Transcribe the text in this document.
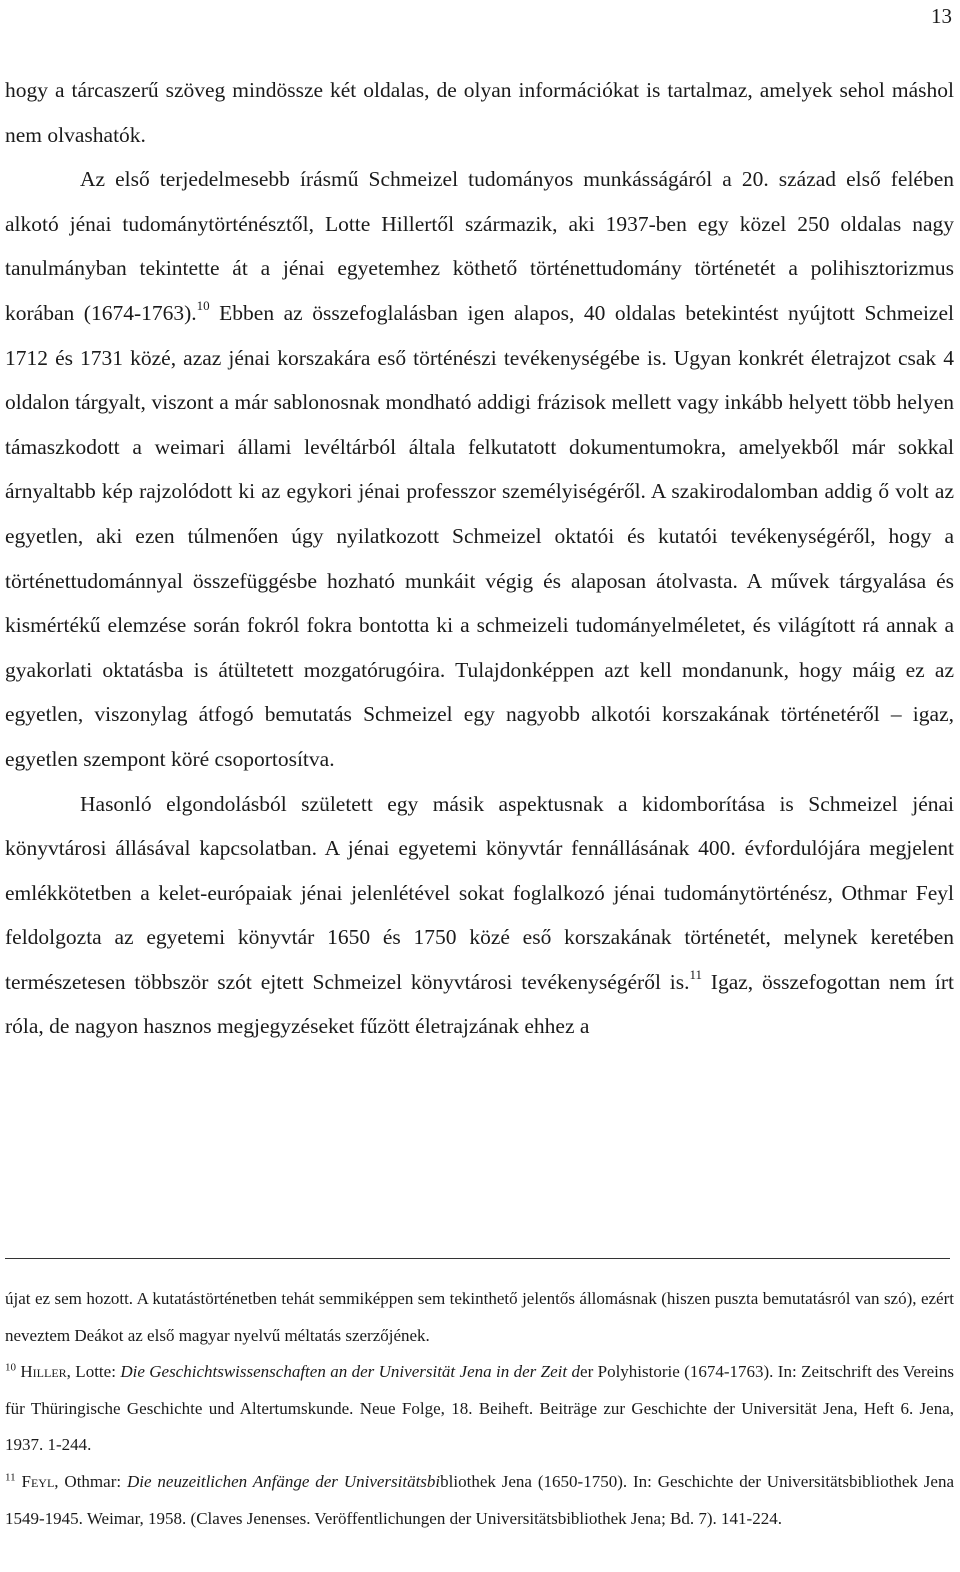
13

hogy a tárcaszerű szöveg mindössze két oldalas, de olyan információkat is tartalmaz, amelyek sehol máshol nem olvashatók.

Az első terjedelmesebb írásmű Schmeizel tudományos munkásságáról a 20. század első felében alkotó jénai tudománytörténésztől, Lotte Hillertől származik, aki 1937-ben egy közel 250 oldalas nagy tanulmányban tekintette át a jénai egyetemhez köthető történettudomány történetét a polihisztorizmus korában (1674-1763).$^{10}$ Ebben az összefoglalásban igen alapos, 40 oldalas betekintést nyújtott Schmeizel 1712 és 1731 közé, azaz jénai korszakára eső történészi tevékenységébe is. Ugyan konkrét életrajzot csak 4 oldalon tárgyalt, viszont a már sablonosnak mondható addigi frázisok mellett vagy inkább helyett több helyen támaszkodott a weimari állami levéltárból általa felkutatott dokumentumokra, amelyekből már sokkal árnyaltabb kép rajzolódott ki az egykori jénai professzor személyiségéről. A szakirodalomban addig ő volt az egyetlen, aki ezen túlmenően úgy nyilatkozott Schmeizel oktatói és kutatói tevékenységéről, hogy a történettudománnyal összefüggésbe hozható munkáit végig és alaposan átolvasta. A művek tárgyalása és kismértékű elemzése során fokról fokra bontotta ki a schmeizeli tudományelméletet, és világított rá annak a gyakorlati oktatásba is átültetett mozgatórugóira. Tulajdonképpen azt kell mondanunk, hogy máig ez az egyetlen, viszonylag átfogó bemutatás Schmeizel egy nagyobb alkotói korszakának történetéről – igaz, egyetlen szempont köré csoportosítva.

Hasonló elgondolásból született egy másik aspektusnak a kidomborítása is Schmeizel jénai könyvtárosi állásával kapcsolatban. A jénai egyetemi könyvtár fennállásának 400. évfordulójára megjelent emlékkötetben a kelet-európaiak jénai jelenlétével sokat foglalkozó jénai tudománytörténész, Othmar Feyl feldolgozta az egyetemi könyvtár 1650 és 1750 közé eső korszakának történetét, melynek keretében természetesen többször szót ejtett Schmeizel könyvtárosi tevékenységéről is.$^{11}$ Igaz, összefogottan nem írt róla, de nagyon hasznos megjegyzéseket fűzött életrajzának ehhez a

újat ez sem hozott. A kutatástörténetben tehát semmiképpen sem tekinthető jelentős állomásnak (hiszen puszta bemutatásról van szó), ezért neveztem Deákot az első magyar nyelvű méltatás szerzőjének.

$^{10}$ Hiller, Lotte: Die Geschichtswissenschaften an der Universität Jena in der Zeit der Polyhistorie (1674-1763). In: Zeitschrift des Vereins für Thüringische Geschichte und Altertumskunde. Neue Folge, 18. Beiheft. Beiträge zur Geschichte der Universität Jena, Heft 6. Jena, 1937. 1-244.

$^{11}$ Feyl, Othmar: Die neuzeitlichen Anfänge der Universitätsbibliothek Jena (1650-1750). In: Geschichte der Universitätsbibliothek Jena 1549-1945. Weimar, 1958. (Claves Jenenses. Veröffentlichungen der Universitätsbibliothek Jena; Bd. 7). 141-224.
